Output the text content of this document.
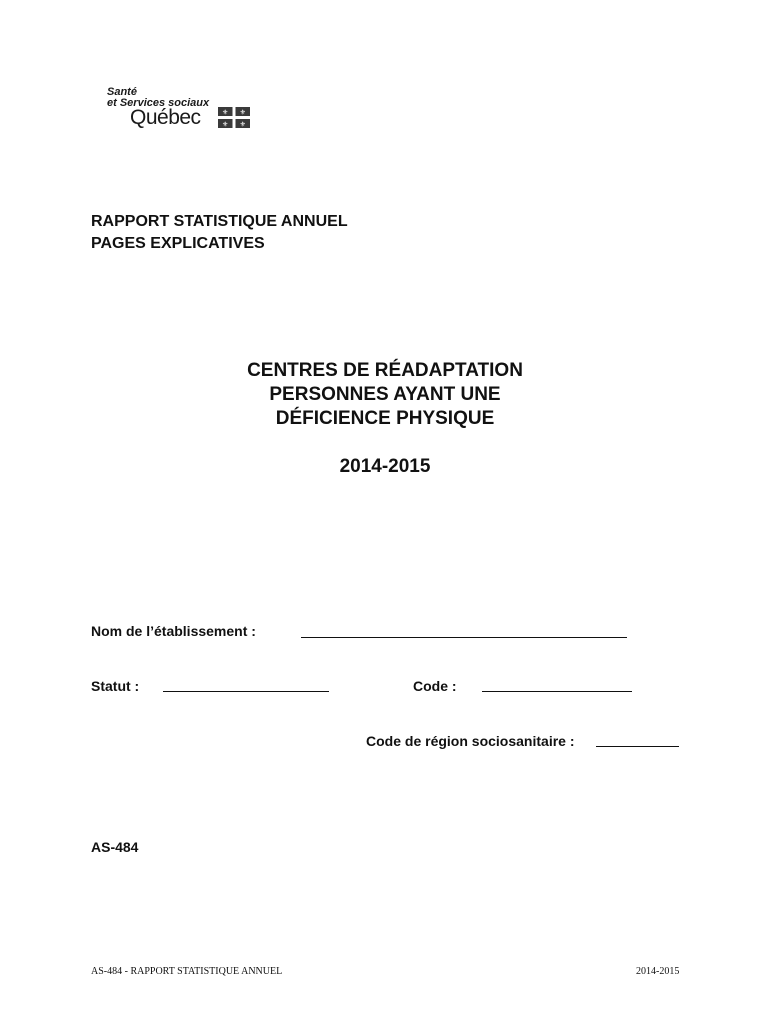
Santé
et Services sociaux
Québec	⚜ ⚜
⚜ ⚜
RAPPORT STATISTIQUE ANNUEL
PAGES EXPLICATIVES
CENTRES DE RÉADAPTATION
PERSONNES AYANT UNE
DÉFICIENCE PHYSIQUE
2014-2015
Nom de l’établissement :
Statut :	Code :
Code de région sociosanitaire :
AS-484
AS-484 - RAPPORT STATISTIQUE ANNUEL	2014-2015
